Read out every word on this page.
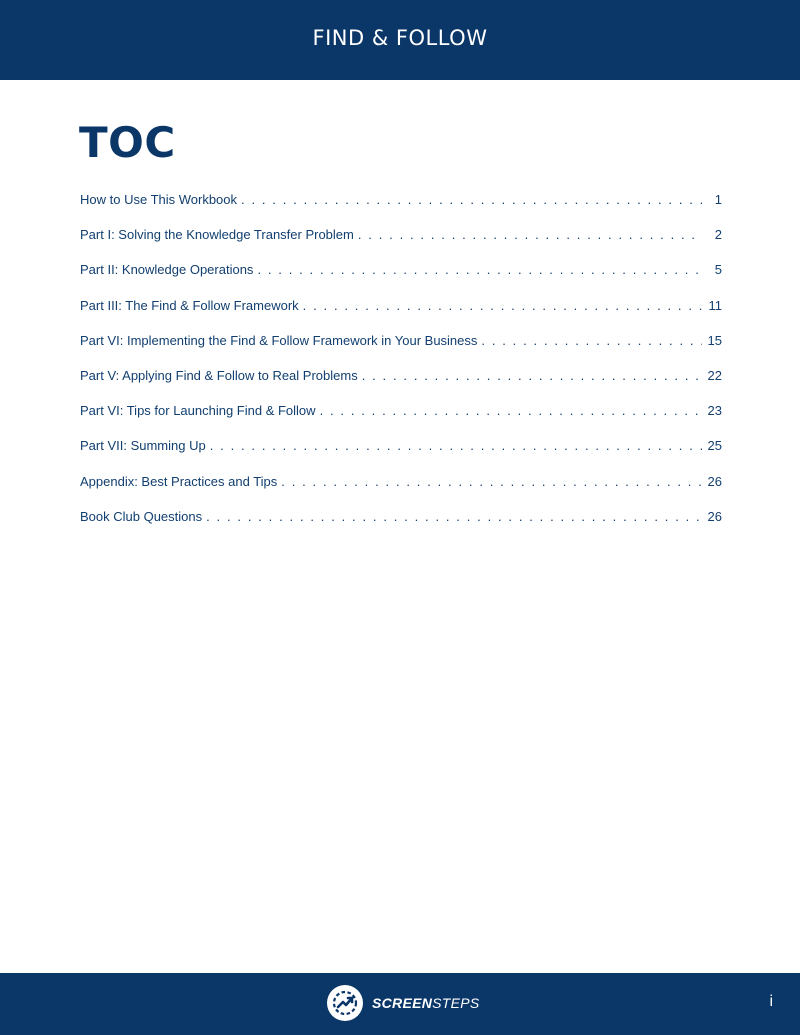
FIND & FOLLOW
TOC
How to Use This Workbook . . .	1
Part I: Solving the Knowledge Transfer Problem . . .	2
Part II: Knowledge Operations . . .	5
Part III: The Find & Follow Framework . . .	11
Part VI: Implementing the Find & Follow Framework in Your Business . . .	15
Part V: Applying Find & Follow to Real Problems . . .	22
Part VI: Tips for Launching Find & Follow . . .	23
Part VII: Summing Up . . .	25
Appendix: Best Practices and Tips . . .	26
Book Club Questions . . .	26
SCREENSTEPS	i
